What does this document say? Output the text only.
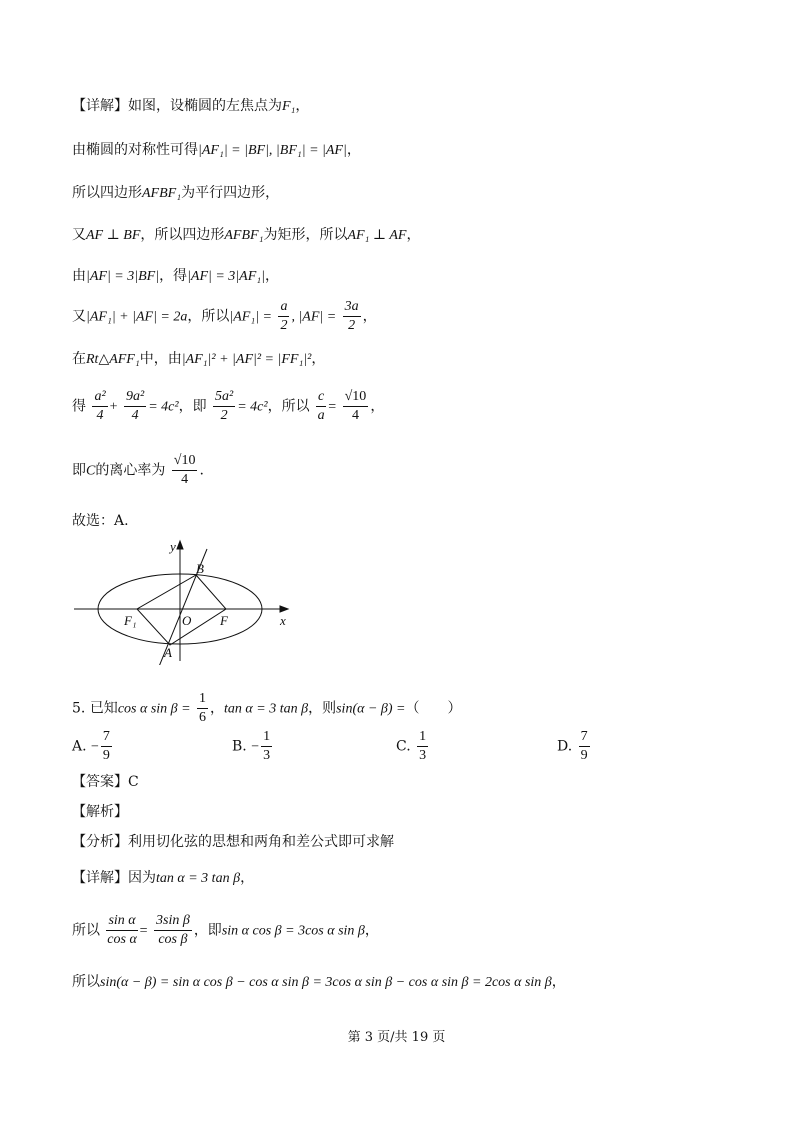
【详解】如图，设椭圆的左焦点为F₁，
由椭圆的对称性可得|AF₁| = |BF|, |BF₁| = |AF|，
所以四边形AFBF₁为平行四边形，
又AF ⊥ BF，所以四边形AFBF₁为矩形，所以AF₁ ⊥ AF，
由|AF| = 3|BF|，得|AF| = 3|AF₁|，
又|AF₁| + |AF| = 2a，所以$|AF_1| = \frac{a}{2}$ , $|AF| = \frac{3a}{2}$ ，
在Rt△AFF₁中，由|AF₁|² + |AF|² = |FF₁|²，
得 $\frac{\text{a²}}{4} + \frac{\text{9a²}}{4} = 4c^2$，即 $\frac{\text{5a²}}{2} = 4c^2$，所以 $\frac{c}{a} = \frac{√10}{4}$ ，
即C的离心率为 $\frac{√10}{4}$ .
故选：A.
y
x
B
A
O F
F₁
5. 已知cos α $\sin \beta = \frac{1}{6}$ ，tan α = 3 tan β，则sin(α − β) =（　　）
A. − $\frac{7}{9}$	B. − $\frac{1}{3}$	C. $\frac{1}{3}$	D. $\frac{7}{9}$
【答案】C
【解析】
【分析】利用切化弦的思想和两角和差公式即可求解
【详解】因为tan α = 3 tan β，
所以 $\frac{\text{sin α}}{\text{cos α}} = \frac{\text{3sin β}}{\text{cos β}}$ ，即sin α cos β = 3cos α sin β，
所以sin(α − β) = sin α cos β − cos α sin β = 3cos α sin β − cos α sin β = 2cos α sin β，
第 3 页/共 19 页
